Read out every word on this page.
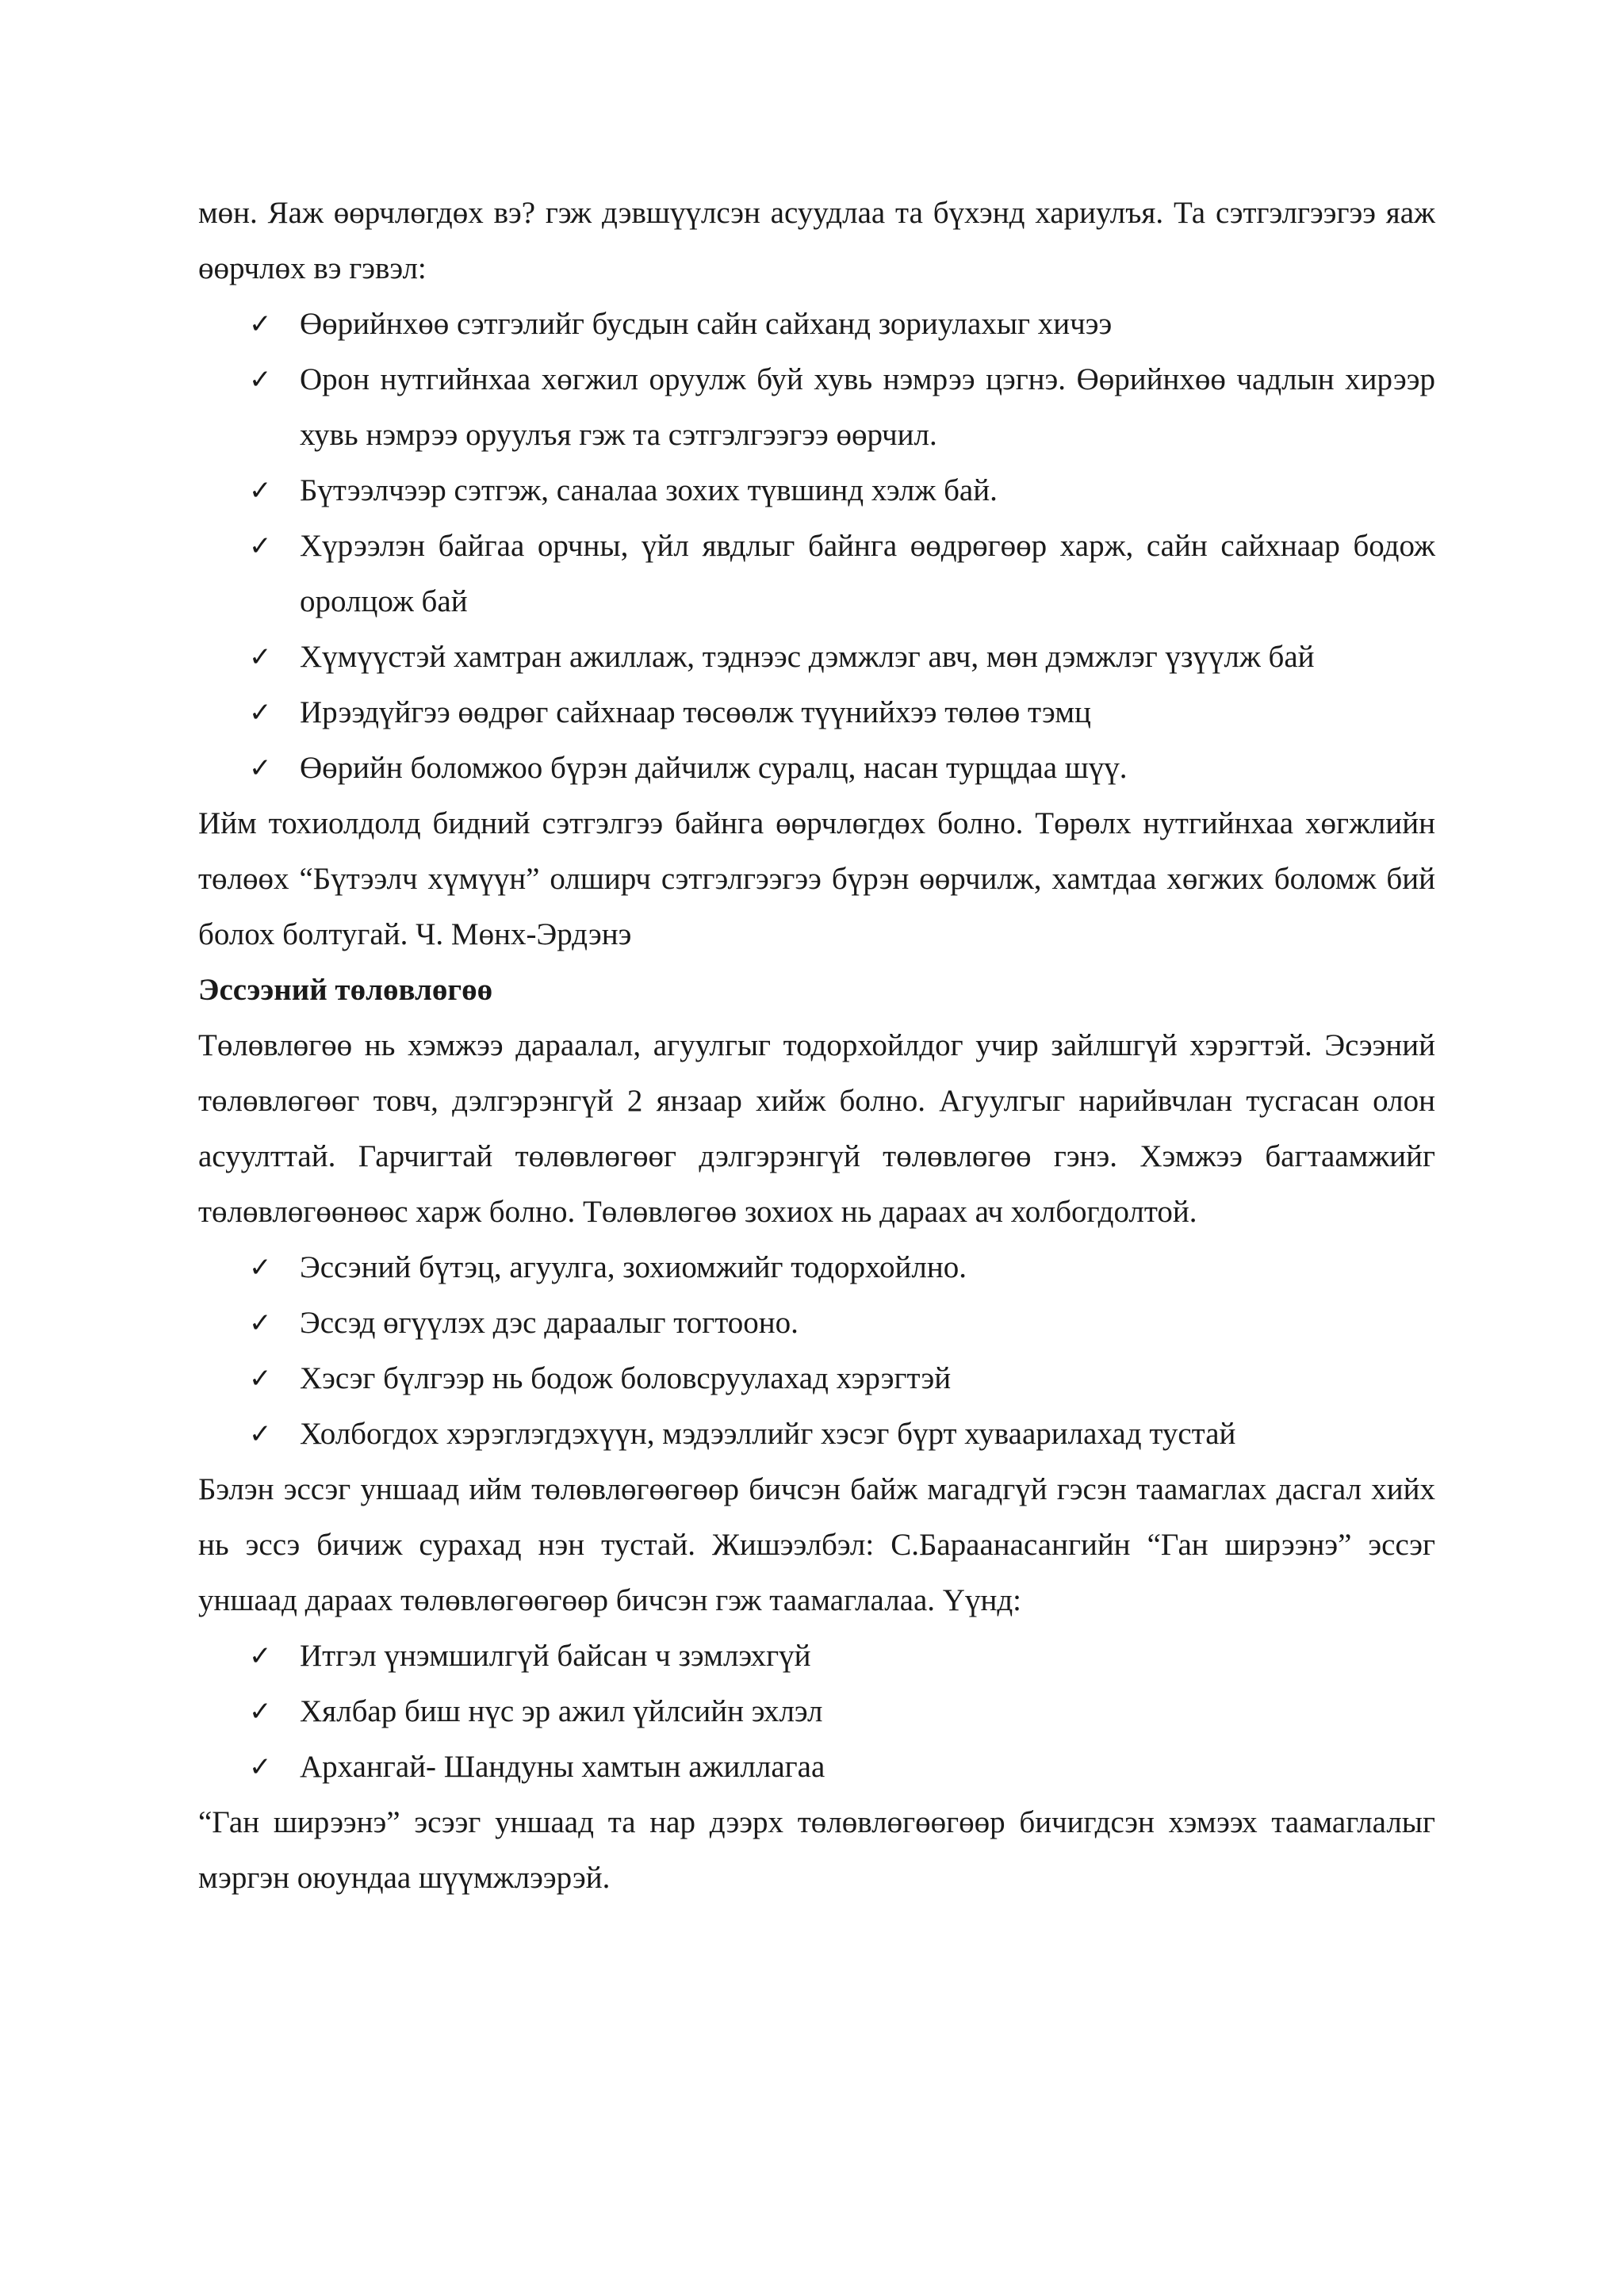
мөн. Яаж өөрчлөгдөх вэ? гэж дэвшүүлсэн асуудлаа та бүхэнд хариулъя. Та сэтгэлгээгээ яаж өөрчлөх вэ гэвэл:

✓ Өөрийнхөө сэтгэлийг бусдын сайн сайханд зориулахыг хичээ
✓ Орон нутгийнхаа хөгжил оруулж буй хувь нэмрээ цэгнэ. Өөрийнхөө чадлын хирээр хувь нэмрээ оруулъя гэж та сэтгэлгээгээ өөрчил.
✓ Бүтээлчээр сэтгэж, саналаа зохих түвшинд хэлж бай.
✓ Хүрээлэн байгаа орчны, үйл явдлыг байнга өөдрөгөөр харж, сайн сайхнаар бодож оролцож бай
✓ Хүмүүстэй хамтран ажиллаж, тэднээс дэмжлэг авч, мөн дэмжлэг үзүүлж бай
✓ Ирээдүйгээ өөдрөг сайхнаар төсөөлж түүнийхээ төлөө тэмц
✓ Өөрийн боломжоо бүрэн дайчилж суралц, насан турщдаа шүү.

Ийм тохиолдолд бидний сэтгэлгээ байнга өөрчлөгдөх болно. Төрөлх нутгийнхаа хөгжлийн төлөөх “Бүтээлч хүмүүн” олширч сэтгэлгээгээ бүрэн өөрчилж, хамтдаа хөгжих боломж бий болох болтугай. Ч. Мөнх-Эрдэнэ

Эссээний төлөвлөгөө

Төлөвлөгөө нь хэмжээ дараалал, агуулгыг тодорхойлдог учир зайлшгүй хэрэгтэй. Эсээний төлөвлөгөөг товч, дэлгэрэнгүй 2 янзаар хийж болно. Агуулгыг нарийвчлан тусгасан олон асуулттай. Гарчигтай төлөвлөгөөг дэлгэрэнгүй төлөвлөгөө гэнэ. Хэмжээ багтаамжийг төлөвлөгөөнөөс харж болно. Төлөвлөгөө зохиох нь дараах ач холбогдолтой.

✓ Эссэний бүтэц, агуулга, зохиомжийг тодорхойлно.
✓ Эссэд өгүүлэх дэс дараалыг тогтооно.
✓ Хэсэг бүлгээр нь бодож боловсруулахад хэрэгтэй
✓ Холбогдох хэрэглэгдэхүүн, мэдээллийг хэсэг бүрт хуваарилахад тустай

Бэлэн эссэг уншаад ийм төлөвлөгөөгөөр бичсэн байж магадгүй гэсэн таамаглах дасгал хийх нь эссэ бичиж сурахад нэн тустай. Жишээлбэл: С.Бараанасангийн “Ган ширээнэ” эссэг уншаад дараах төлөвлөгөөгөөр бичсэн гэж таамаглалаа. Үүнд:

✓ Итгэл үнэмшилгүй байсан ч зэмлэхгүй
✓ Хялбар биш нүс эр ажил үйлсийн эхлэл
✓ Архангай- Шандуны хамтын ажиллагаа

“Ган ширээнэ” эсээг уншаад та нар дээрх төлөвлөгөөгөөр бичигдсэн хэмээх таамаглалыг мэргэн оюундаа шүүмжлээрэй.
